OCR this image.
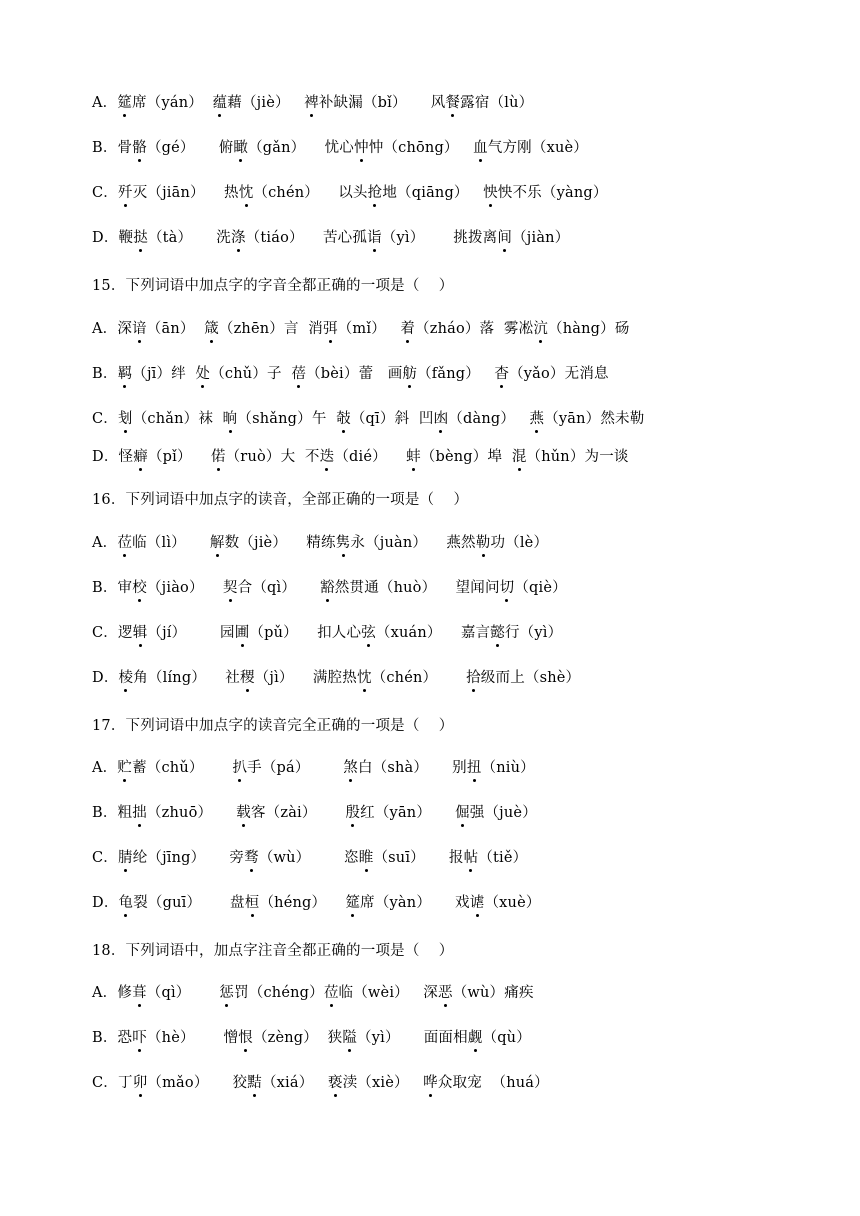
A．筵席（yán） 蕴藉（jiè） 裨补缺漏（bǐ） 风餐露宿（lù）
B．骨骼（gé） 俯瞰（gǎn） 忧心忡忡（chōng） 血气方刚（xuè）
C．歼灭（jiān） 热忱（chén） 以头抢地（qiāng） 怏怏不乐（yàng）
D．鞭挞（tà） 洗涤（tiáo） 苦心孤诣（yì） 挑拨离间（jiàn）
15．下列词语中加点字的字音全都正确的一项是（    ）
A．深谙（ān）  箴（zhēn）言  消弭（mǐ）   着（zháo）落  雾凇沆（hàng）砀
B．羁（jī）绊  处（chǔ）子  蓓（bèi）蕾   画舫（fǎng）   杳（yǎo）无消息
C．刬（chǎn）袜  晌（shǎng）午  攲（qī）斜  凹凼（dàng）   燕（yān）然未勒
D．怪癖（pǐ）    偌（ruò）大  不迭（dié）    蚌（bèng）埠  混（hǔn）为一谈
16．下列词语中加点字的读音，全部正确的一项是（    ）
A．莅临（lì）     解数（jiè）    精练隽永（juàn）    燕然勒功（lè）
B．审校（jiào）    契合（qì）     豁然贯通（huò）    望闻问切（qiè）
C．逻辑（jí）       园圃（pǔ）    扣人心弦（xuán）    嘉言懿行（yì）
D．棱角（líng）    社稷（jì）    满腔热忱（chén）      拾级而上（shè）
17．下列词语中加点字的读音完全正确的一项是（    ）
A．贮蓄（chǔ）      扒手（pá）       煞白（shà）     别扭（niù）
B．粗拙（zhuō）     载客（zài）      殷红（yān）     倔强（juè）
C．腈纶（jīng）     旁骛（wù）       恣睢（suī）     报帖（tiě）
D．龟裂（guī）      盘桓（héng）    筵席（yàn）     戏谑（xuè）
18．下列词语中，加点字注音全都正确的一项是（    ）
A．修葺（qì）      惩罚（chéng）莅临（wèi）   深恶（wù）痛疾
B．恐吓（hè）      憎恨（zèng）  狭隘（yì）     面面相觑（qù）
C．丁卯（mǎo）     狡黠（xiá）   亵渎（xiè）   哗众取宠  （huá）
